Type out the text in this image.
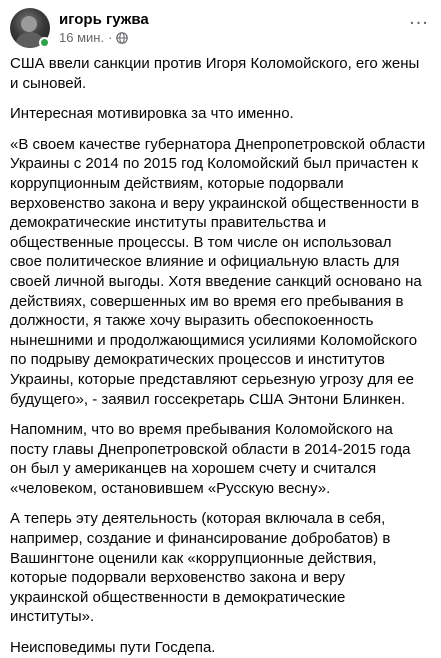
игорь гужва
16 мин. ·
...

США ввели санкции против Игоря Коломойского, его жены и сыновей.

Интересная мотивировка за что именно.

«В своем качестве губернатора Днепропетровской области Украины с 2014 по 2015 год Коломойский был причастен к коррупционным действиям, которые подорвали верховенство закона и веру украинской общественности в демократические институты правительства и общественные процессы. В том числе он использовал свое политическое влияние и официальную власть для своей личной выгоды. Хотя введение санкций основано на действиях, совершенных им во время его пребывания в должности, я также хочу выразить обеспокоенность нынешними и продолжающимися усилиями Коломойского по подрыву демократических процессов и институтов Украины, которые представляют серьезную угрозу для ее будущего», - заявил госсекретарь США Энтони Блинкен.

Напомним, что во время пребывания Коломойского на посту главы Днепропетровской области в 2014-2015 года он был у американцев на хорошем счету и считался «человеком, остановившем «Русскую весну».

А теперь эту деятельность (которая включала в себя, например, создание и финансирование добробатов) в Вашингтоне оценили как «коррупционные действия, которые подорвали верховенство закона и веру украинской общественности в демократические институты».

Неисповедимы пути Госдепа.
